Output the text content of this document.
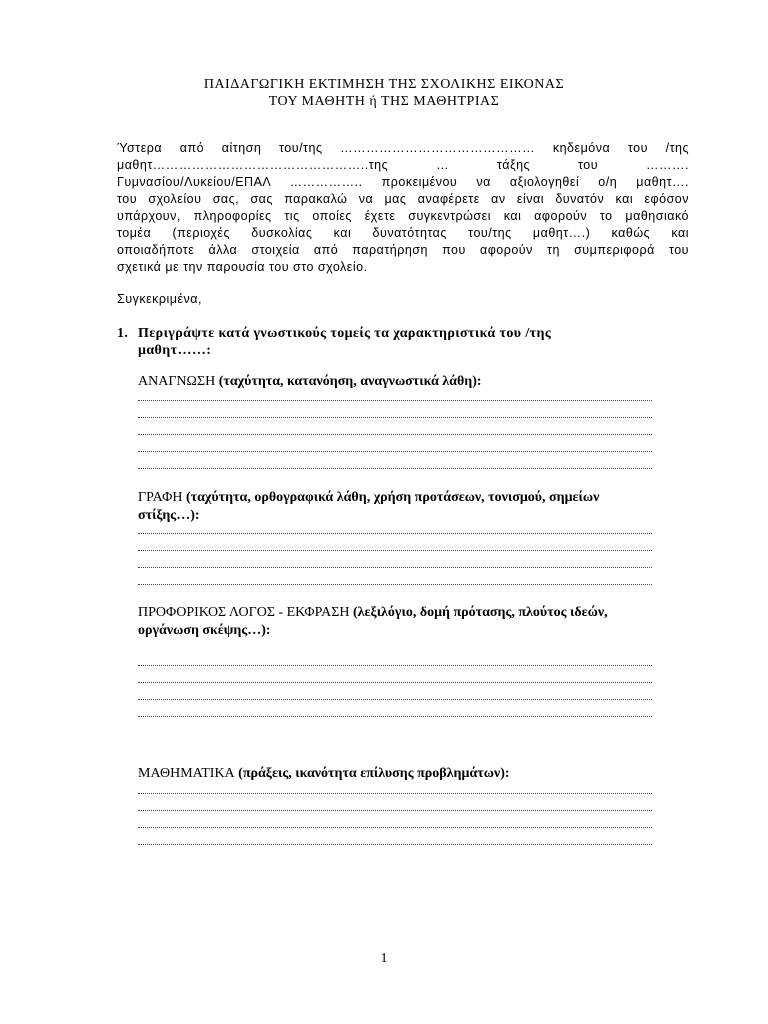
ΠΑΙΔΑΓΩΓΙΚΗ ΕΚΤΙΜΗΣΗ ΤΗΣ ΣΧΟΛΙΚΗΣ ΕΙΚΟΝΑΣ
ΤΟΥ ΜΑΘΗΤΗ ή ΤΗΣ ΜΑΘΗΤΡΙΑΣ
Ύστερα από αίτηση του/της ……………………………………… κηδεμόνα του /της
μαθητ…………………………………………..της … τάξης του ……….
Γυμνασίου/Λυκείου/ΕΠΑΛ …………….. προκειμένου να αξιολογηθεί ο/η μαθητ….
του σχολείου σας, σας παρακαλώ να μας αναφέρετε αν είναι δυνατόν και εφόσον
υπάρχουν, πληροφορίες τις οποίες έχετε συγκεντρώσει και αφορούν το μαθησιακό
τομέα (περιοχές δυσκολίας και δυνατότητας του/της μαθητ….) καθώς και
οποιαδήποτε άλλα στοιχεία από παρατήρηση που αφορούν τη συμπεριφορά του
σχετικά με την παρουσία του στο σχολείο.
Συγκεκριμένα,
1. Περιγράψτε κατά γνωστικούς τομείς τα χαρακτηριστικά του /της
μαθητ……:
ΑΝΑΓΝΩΣΗ (ταχύτητα, κατανόηση, αναγνωστικά λάθη):
ΓΡΑΦΗ (ταχύτητα, ορθογραφικά λάθη, χρήση προτάσεων, τονισμού, σημείων
στίξης…):
ΠΡΟΦΟΡΙΚΟΣ ΛΟΓΟΣ - ΕΚΦΡΑΣΗ (λεξιλόγιο, δομή πρότασης, πλούτος ιδεών,
οργάνωση σκέψης…):
ΜΑΘΗΜΑΤΙΚΑ (πράξεις, ικανότητα επίλυσης προβλημάτων):
1
